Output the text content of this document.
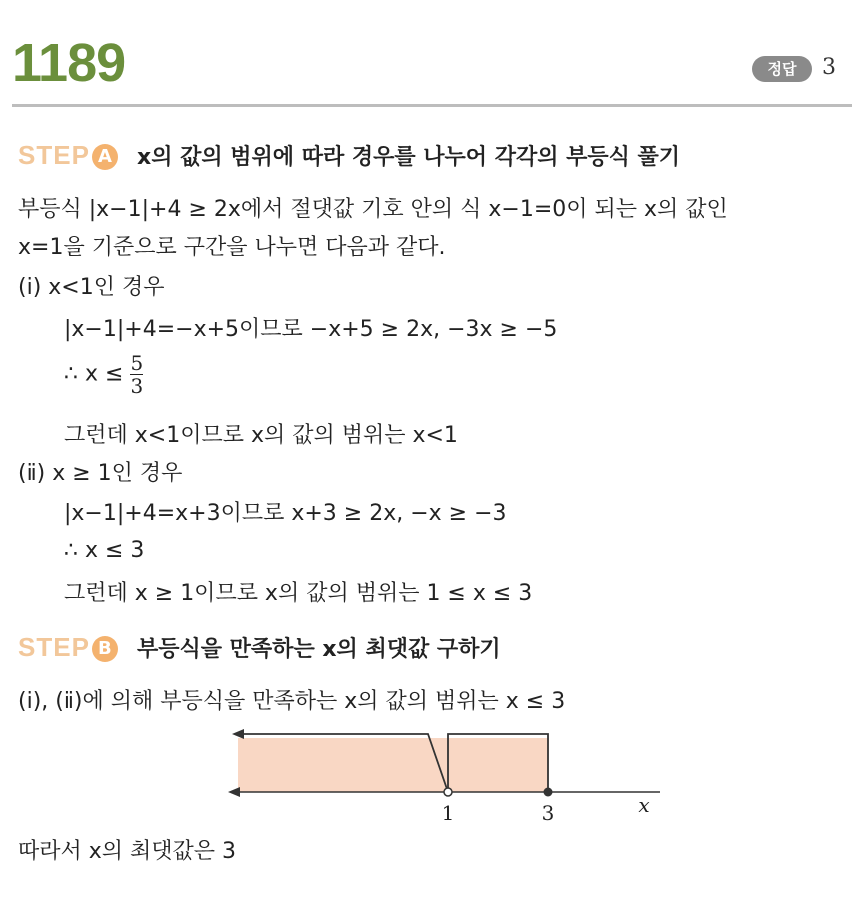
1189	정답	3
STEP A x의 값의 범위에 따라 경우를 나누어 각각의 부등식 풀기
부등식 |x−1|+4 ≥ 2x에서 절댓값 기호 안의 식 x−1=0이 되는 x의 값인
x=1을 기준으로 구간을 나누면 다음과 같다.
(ⅰ) x<1인 경우
|x−1|+4=−x+5이므로 −x+5 ≥ 2x, −3x ≥ −5
∴ $x \le \frac{5}{3}$
그런데 x<1이므로 x의 값의 범위는 x<1
(ⅱ) x ≥ 1인 경우
|x−1|+4=x+3이므로 x+3 ≥ 2x, −x ≥ −3
∴ x ≤ 3
그런데 x ≥ 1이므로 x의 값의 범위는 1 ≤ x ≤ 3
STEP B 부등식을 만족하는 x의 최댓값 구하기
(ⅰ), (ⅱ)에 의해 부등식을 만족하는 x의 값의 범위는 x ≤ 3
1	3	x
따라서 x의 최댓값은 3
